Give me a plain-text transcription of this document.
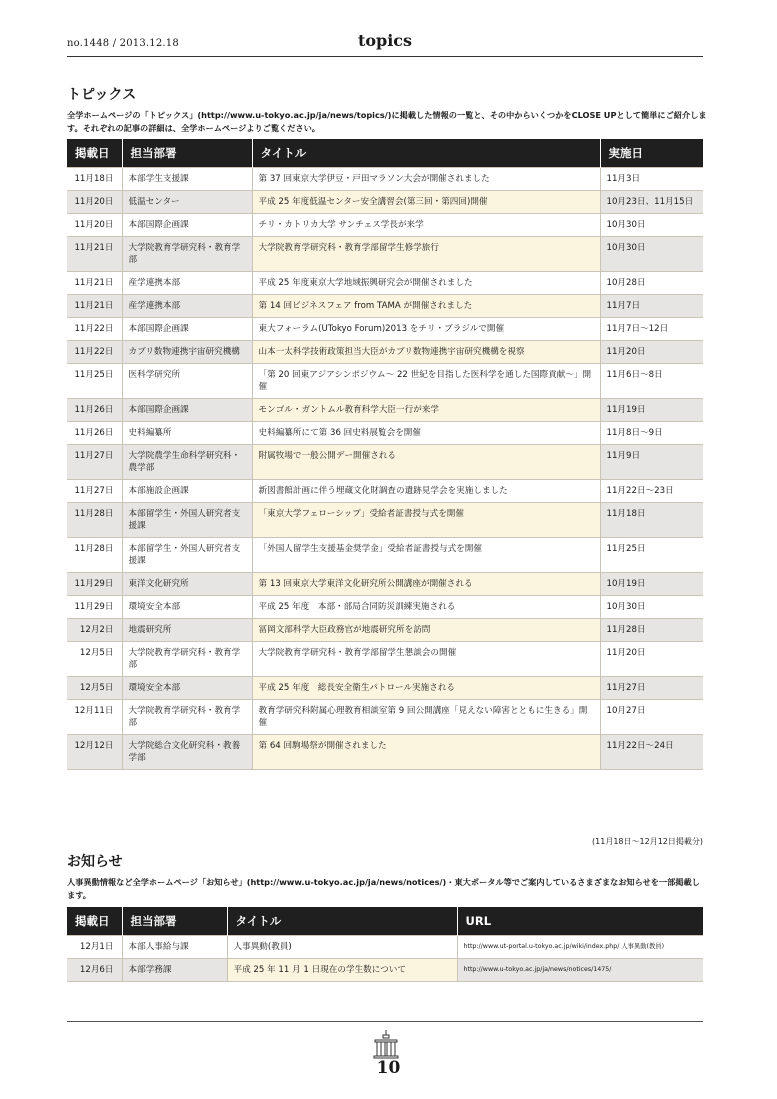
no.1448 / 2013.12.18	topics
トピックス
全学ホームページの「トピックス」(http://www.u-tokyo.ac.jp/ja/news/topics/)に掲載した情報の一覧と、その中からいくつかをCLOSE UPとして簡単にご紹介します。それぞれの記事の詳細は、全学ホームページよりご覧ください。
掲載日	担当部署	タイトル	実施日
11月18日	本部学生支援課	第 37 回東京大学伊豆・戸田マラソン大会が開催されました	11月3日
11月20日	低温センター	平成 25 年度低温センター安全講習会(第三回・第四回)開催	10月23日、11月15日
11月20日	本部国際企画課	チリ・カトリカ大学 サンチェス学長が来学	10月30日
11月21日	大学院教育学研究科・教育学部	大学院教育学研究科・教育学部留学生修学旅行	10月30日
11月21日	産学連携本部	平成 25 年度東京大学地域振興研究会が開催されました	10月28日
11月21日	産学連携本部	第 14 回ビジネスフェア from TAMA が開催されました	11月7日
11月22日	本部国際企画課	東大フォーラム(UTokyo Forum)2013 をチリ・ブラジルで開催	11月7日～12日
11月22日	カブリ数物連携宇宙研究機構	山本一太科学技術政策担当大臣がカブリ数物連携宇宙研究機構を視察	11月20日
11月25日	医科学研究所	「第 20 回東アジアシンポジウム～ 22 世紀を目指した医科学を通した国際貢献～」開催	11月6日～8日
11月26日	本部国際企画課	モンゴル・ガントムル教育科学大臣一行が来学	11月19日
11月26日	史料編纂所	史料編纂所にて第 36 回史料展覧会を開催	11月8日～9日
11月27日	大学院農学生命科学研究科・農学部	附属牧場で一般公開デー開催される	11月9日
11月27日	本部施設企画課	新図書館計画に伴う埋蔵文化財調査の遺跡見学会を実施しました	11月22日～23日
11月28日	本部留学生・外国人研究者支援課	「東京大学フェローシップ」受給者証書授与式を開催	11月18日
11月28日	本部留学生・外国人研究者支援課	「外国人留学生支援基金奨学金」受給者証書授与式を開催	11月25日
11月29日	東洋文化研究所	第 13 回東京大学東洋文化研究所公開講座が開催される	10月19日
11月29日	環境安全本部	平成 25 年度　本部・部局合同防災訓練実施される	10月30日
12月2日	地震研究所	冨岡文部科学大臣政務官が地震研究所を訪問	11月28日
12月5日	大学院教育学研究科・教育学部	大学院教育学研究科・教育学部留学生懇談会の開催	11月20日
12月5日	環境安全本部	平成 25 年度　総長安全衛生パトロール実施される	11月27日
12月11日	大学院教育学研究科・教育学部	教育学研究科附属心理教育相談室第 9 回公開講座「見えない障害とともに生きる」開催	10月27日
12月12日	大学院総合文化研究科・教養学部	第 64 回駒場祭が開催されました	11月22日～24日
(11月18日～12月12日掲載分)
お知らせ
人事異動情報など全学ホームページ「お知らせ」(http://www.u-tokyo.ac.jp/ja/news/notices/)・東大ポータル等でご案内しているさまざまなお知らせを一部掲載します。
掲載日	担当部署	タイトル	URL
12月1日	本部人事給与課	人事異動(教員)	http://www.ut-portal.u-tokyo.ac.jp/wiki/index.php/ 人事異動(教員)
12月6日	本部学務課	平成 25 年 11 月 1 日現在の学生数について	http://www.u-tokyo.ac.jp/ja/news/notices/1475/
10
